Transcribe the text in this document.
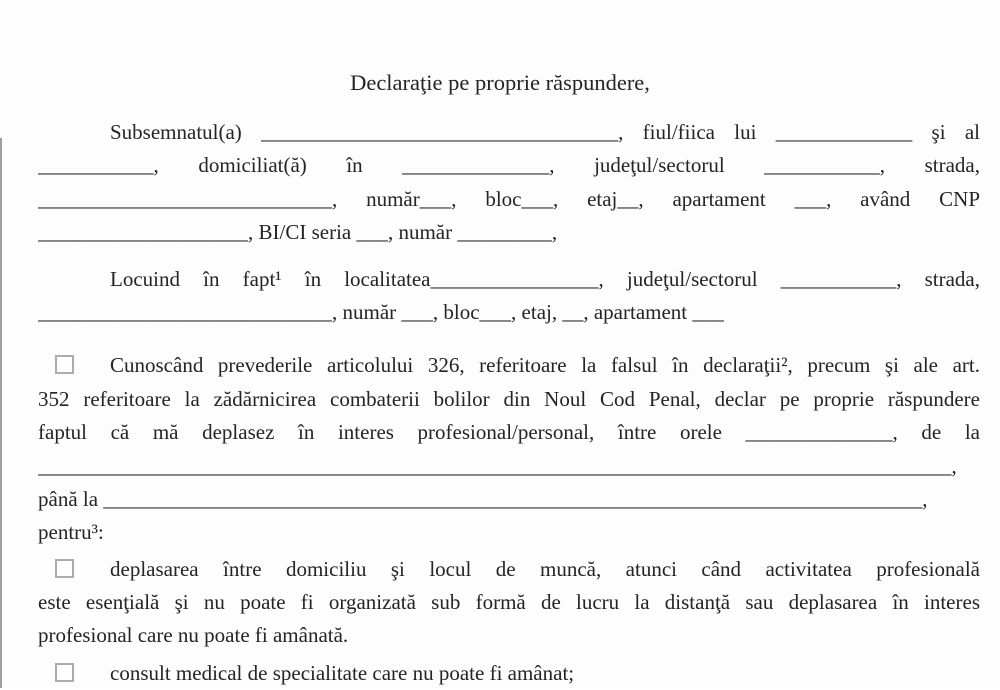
Declaraţie pe proprie răspundere,
Subsemnatul(a) __________________________________, fiul/fiica lui _____________ şi al
___________, domiciliat(ă) în ______________, judeţul/sectorul ___________, strada,
____________________________, număr___, bloc___, etaj__, apartament ___, având CNP
____________________, BI/CI seria ___, număr _________,
Locuind în fapt¹ în localitatea________________, judeţul/sectorul ___________, strada,
____________________________, număr ___, bloc___, etaj, __, apartament ___
Cunoscând prevederile articolului 326, referitoare la falsul în declaraţii², precum şi ale art.
352 referitoare la zădărnicirea combaterii bolilor din Noul Cod Penal, declar pe proprie răspundere
faptul că mă deplasez în interes profesional/personal, între orele ______________, de la
_______________________________________________________________________________________,
până la ______________________________________________________________________________,
pentru³:
deplasarea între domiciliu şi locul de muncă, atunci când activitatea profesională
este esenţială şi nu poate fi organizată sub formă de lucru la distanţă sau deplasarea în interes
profesional care nu poate fi amânată.
consult medical de specialitate care nu poate fi amânat;
